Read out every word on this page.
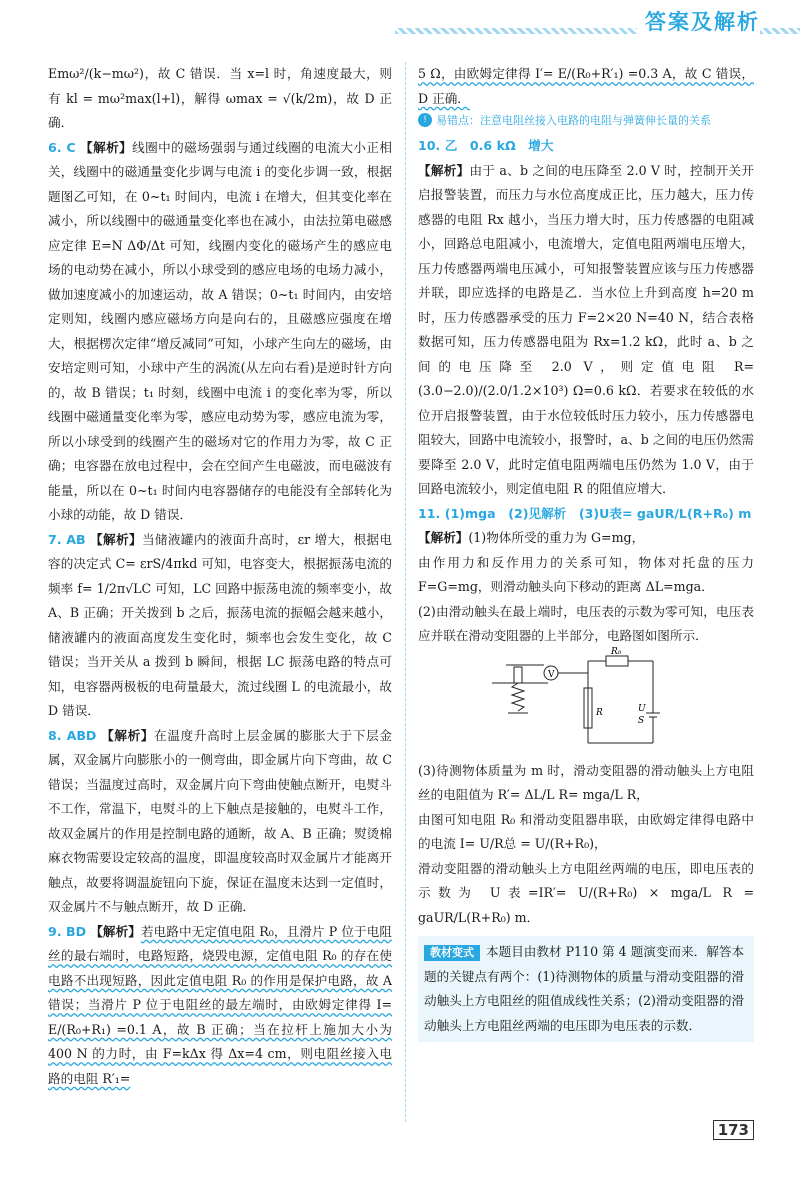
答案及解析

Emω²/(k−mω²)，故 C 错误．当 x=l 时，角速度最大，则有 kl = mω²max(l+l)，解得 ωmax = √(k/2m)，故 D 正确．

6. C 【解析】线圈中的磁场强弱与通过线圈的电流大小正相关，线圈中的磁通量变化步调与电流 i 的变化步调一致，根据题图乙可知，在 0~t₁ 时间内，电流 i 在增大，但其变化率在减小，所以线圈中的磁通量变化率也在减小，由法拉第电磁感应定律 E=N ΔΦ/Δt 可知，线圈内变化的磁场产生的感应电场的电动势在减小，所以小球受到的感应电场的电场力减小，做加速度减小的加速运动，故 A 错误；0~t₁ 时间内，由安培定则知，线圈内感应磁场方向是向右的，且磁感应强度在增大，根据楞次定律“增反减同”可知，小球产生向左的磁场，由安培定则可知，小球中产生的涡流(从左向右看)是逆时针方向的，故 B 错误；t₁ 时刻，线圈中电流 i 的变化率为零，所以线圈中磁通量变化率为零，感应电动势为零，感应电流为零，所以小球受到的线圈产生的磁场对它的作用力为零，故 C 正确；电容器在放电过程中，会在空间产生电磁波，而电磁波有能量，所以在 0~t₁ 时间内电容器储存的电能没有全部转化为小球的动能，故 D 错误．

7. AB 【解析】当储液罐内的液面升高时，εr 增大，根据电容的决定式 C= εrS/4πkd 可知，电容变大，根据振荡电流的频率 f= 1/2π√LC 可知，LC 回路中振荡电流的频率变小，故 A、B 正确；开关拨到 b 之后，振荡电流的振幅会越来越小，储液罐内的液面高度发生变化时，频率也会发生变化，故 C 错误；当开关从 a 拨到 b 瞬间，根据 LC 振荡电路的特点可知，电容器两极板的电荷量最大，流过线圈 L 的电流最小，故 D 错误．

8. ABD 【解析】在温度升高时上层金属的膨胀大于下层金属，双金属片向膨胀小的一侧弯曲，即金属片向下弯曲，故 C 错误；当温度过高时，双金属片向下弯曲使触点断开，电熨斗不工作，常温下，电熨斗的上下触点是接触的，电熨斗工作，故双金属片的作用是控制电路的通断，故 A、B 正确；熨烫棉麻衣物需要设定较高的温度，即温度较高时双金属片才能离开触点，故要将调温旋钮向下旋，保证在温度未达到一定值时，双金属片不与触点断开，故 D 正确．

9. BD 【解析】若电路中无定值电阻 R₀，且滑片 P 位于电阻丝的最右端时，电路短路，烧毁电源，定值电阻 R₀ 的存在使电路不出现短路，因此定值电阻 R₀ 的作用是保护电路，故 A 错误；当滑片 P 位于电阻丝的最左端时，由欧姆定律得 I= E/(R₀+R₁) =0.1 A，故 B 正确；当在拉杆上施加大小为 400 N 的力时，由 F=kΔx 得 Δx=4 cm，则电阻丝接入电路的电阻 R′₁=

5 Ω，由欧姆定律得 I′= E/(R₀+R′₁) =0.3 A，故 C 错误，D 正确．

! 易错点：注意电阻丝接入电路的电阻与弹簧伸长量的关系

10. 乙　0.6 kΩ　增大

【解析】由于 a、b 之间的电压降至 2.0 V 时，控制开关开启报警装置，而压力与水位高度成正比，压力越大，压力传感器的电阻 Rx 越小，当压力增大时，压力传感器的电阻减小，回路总电阻减小，电流增大，定值电阻两端电压增大，压力传感器两端电压减小，可知报警装置应该与压力传感器并联，即应选择的电路是乙．当水位上升到高度 h=20 m 时，压力传感器承受的压力 F=2×20 N=40 N，结合表格数据可知，压力传感器电阻为 Rx=1.2 kΩ，此时 a、b 之间的电压降至 2.0 V，则定值电阻 R= (3.0−2.0)/(2.0/1.2×10³) Ω=0.6 kΩ．若要求在较低的水位开启报警装置，由于水位较低时压力较小，压力传感器电阻较大，回路中电流较小，报警时，a、b 之间的电压仍然需要降至 2.0 V，此时定值电阻两端电压仍然为 1.0 V，由于回路电流较小，则定值电阻 R 的阻值应增大．

11. (1)mga　(2)见解析　(3)U表= gaUR/L(R+R₀) m

【解析】(1)物体所受的重力为 G=mg，

由作用力和反作用力的关系可知，物体对托盘的压力 F=G=mg，则滑动触头向下移动的距离 ΔL=mga．

(2)由滑动触头在最上端时，电压表的示数为零可知，电压表应并联在滑动变阻器的上半部分，电路图如图所示．

V
R₀
R	U
S

(3)待测物体质量为 m 时，滑动变阻器的滑动触头上方电阻丝的电阻值为 R′= ΔL/L R= mga/L R，

由图可知电阻 R₀ 和滑动变阻器串联，由欧姆定律得电路中的电流 I= U/R总 = U/(R+R₀)，

滑动变阻器的滑动触头上方电阻丝两端的电压，即电压表的示数为 U表=IR′= U/(R+R₀) × mga/L R = gaUR/L(R+R₀) m．

教材变式 本题目由教材 P110 第 4 题演变而来．解答本题的关键点有两个：(1)待测物体的质量与滑动变阻器的滑动触头上方电阻丝的阻值成线性关系；(2)滑动变阻器的滑动触头上方电阻丝两端的电压即为电压表的示数．
173
